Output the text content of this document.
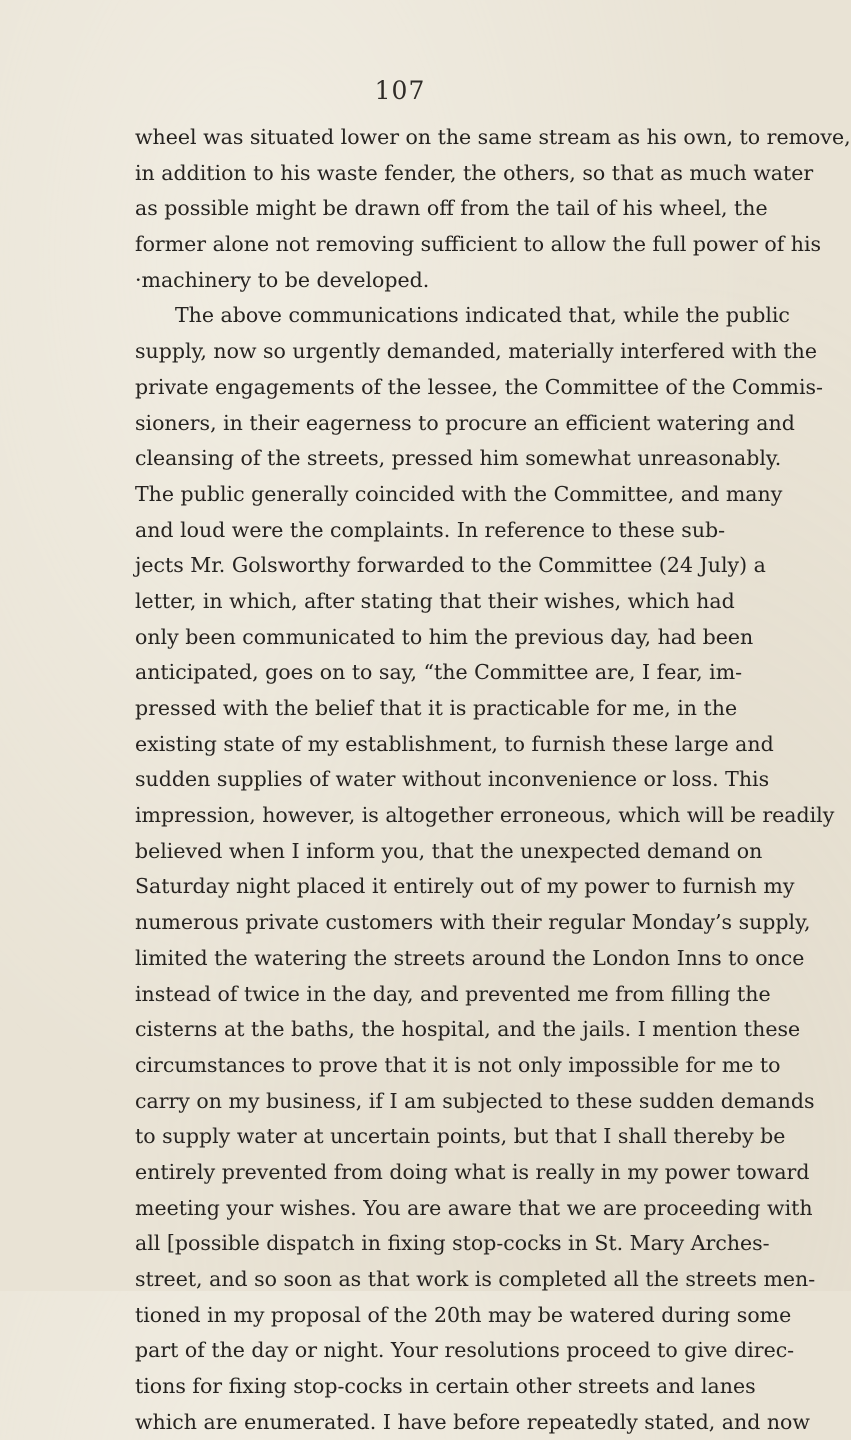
107
wheel was situated lower on the same stream as his own, to remove,
in addition to his waste fender, the others, so that as much water
as possible might be drawn off from the tail of his wheel, the
former alone not removing sufficient to allow the full power of his
·machinery to be developed.
The above communications indicated that, while the public
supply, now so urgently demanded, materially interfered with the
private engagements of the lessee, the Committee of the Commis-
sioners, in their eagerness to procure an efficient watering and
cleansing of the streets, pressed him somewhat unreasonably.
The public generally coincided with the Committee, and many
and loud were the complaints. In reference to these sub-
jects Mr. Golsworthy forwarded to the Committee (24 July) a
letter, in which, after stating that their wishes, which had
only been communicated to him the previous day, had been
anticipated, goes on to say, “the Committee are, I fear, im-
pressed with the belief that it is practicable for me, in the
existing state of my establishment, to furnish these large and
sudden supplies of water without inconvenience or loss. This
impression, however, is altogether erroneous, which will be readily
believed when I inform you, that the unexpected demand on
Saturday night placed it entirely out of my power to furnish my
numerous private customers with their regular Monday’s supply,
limited the watering the streets around the London Inns to once
instead of twice in the day, and prevented me from filling the
cisterns at the baths, the hospital, and the jails. I mention these
circumstances to prove that it is not only impossible for me to
carry on my business, if I am subjected to these sudden demands
to supply water at uncertain points, but that I shall thereby be
entirely prevented from doing what is really in my power toward
meeting your wishes. You are aware that we are proceeding with
all [possible dispatch in fixing stop-cocks in St. Mary Arches-
street, and so soon as that work is completed all the streets men-
tioned in my proposal of the 20th may be watered during some
part of the day or night. Your resolutions proceed to give direc-
tions for fixing stop-cocks in certain other streets and lanes
which are enumerated. I have before repeatedly stated, and now
